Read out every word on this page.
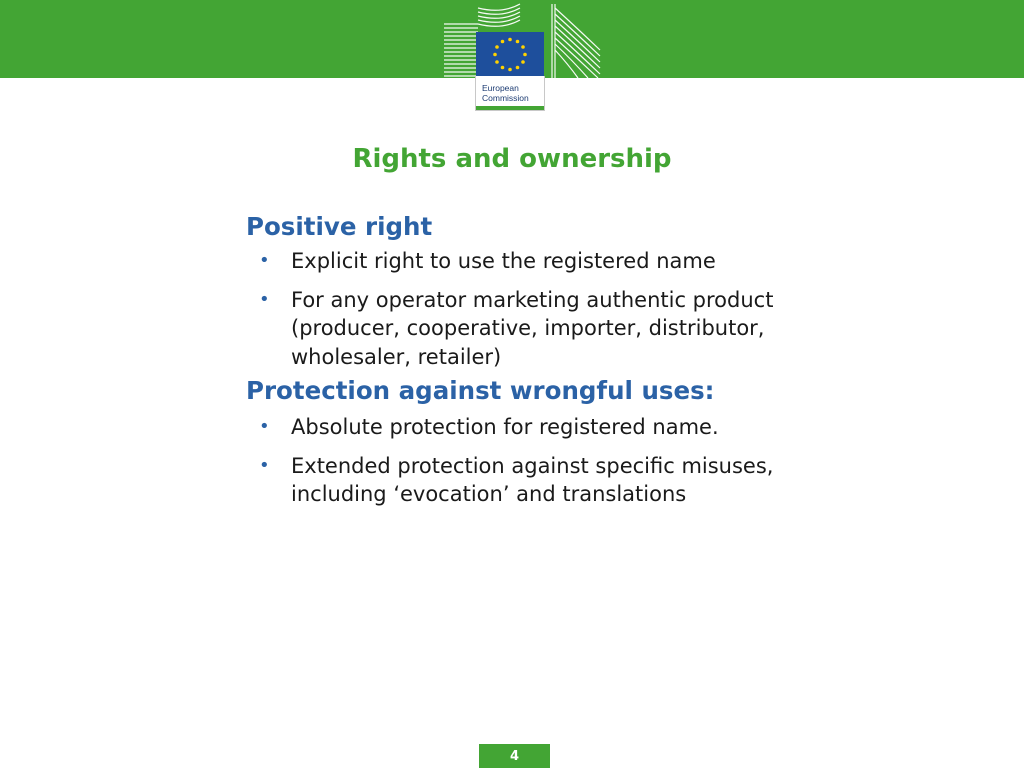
European
Commission
Rights and ownership
Positive right
• Explicit right to use the registered name
• For any operator marketing authentic product (producer, cooperative, importer, distributor, wholesaler, retailer)
Protection against wrongful uses:
• Absolute protection for registered name.
• Extended protection against specific misuses, including ‘evocation’ and translations
4
